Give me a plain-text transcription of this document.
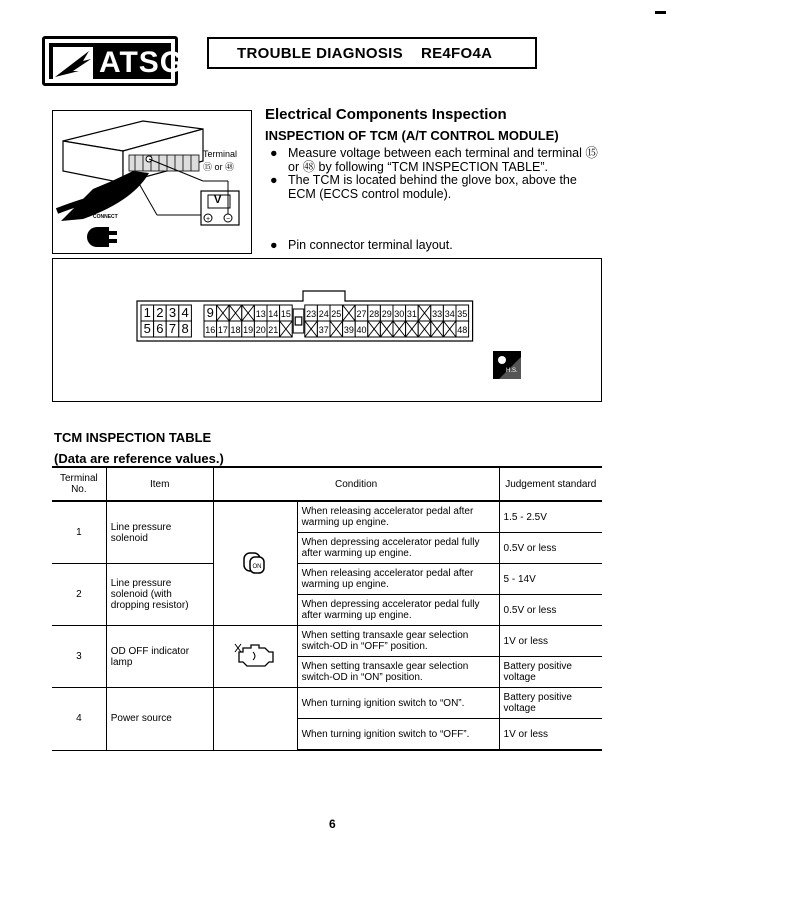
ATSG	TROUBLE DIAGNOSIS RE4FO4A
+ −
Terminal
⑮ or ㊽
V
CONNECT
Electrical Components Inspection
INSPECTION OF TCM (A/T CONTROL MODULE)
● Measure voltage between each terminal and terminal ⑮ or ㊽ by following “TCM INSPECTION TABLE”.
● The TCM is located behind the glove box, above the ECM (ECCS control module).
● Pin connector terminal layout.
1 2 3 4 9	13 14 15 23 24 25 27 28 29 30 31 33 34 35
5 6 7 8 16 17 18 19 20 21	37 39 40	48
H.S.
TCM INSPECTION TABLE
(Data are reference values.)
Terminal No.	Item	Condition		Judgement standard
1	Line pressure solenoid	ON	When releasing accelerator pedal after warming up engine.	1.5 - 2.5V
			When depressing accelerator pedal fully after warming up engine.	0.5V or less
2	Line pressure solenoid (with dropping resistor)		When releasing accelerator pedal after warming up engine.	5 - 14V
			When depressing accelerator pedal fully after warming up engine.	0.5V or less
3	OD OFF indicator lamp		When setting transaxle gear selection switch-OD in “OFF” position.	1V or less
			When setting transaxle gear selection switch-OD in “ON” position.	Battery positive voltage
4	Power source		When turning ignition switch to “ON”.	Battery positive voltage
			When turning ignition switch to “OFF”.	1V or less
6
